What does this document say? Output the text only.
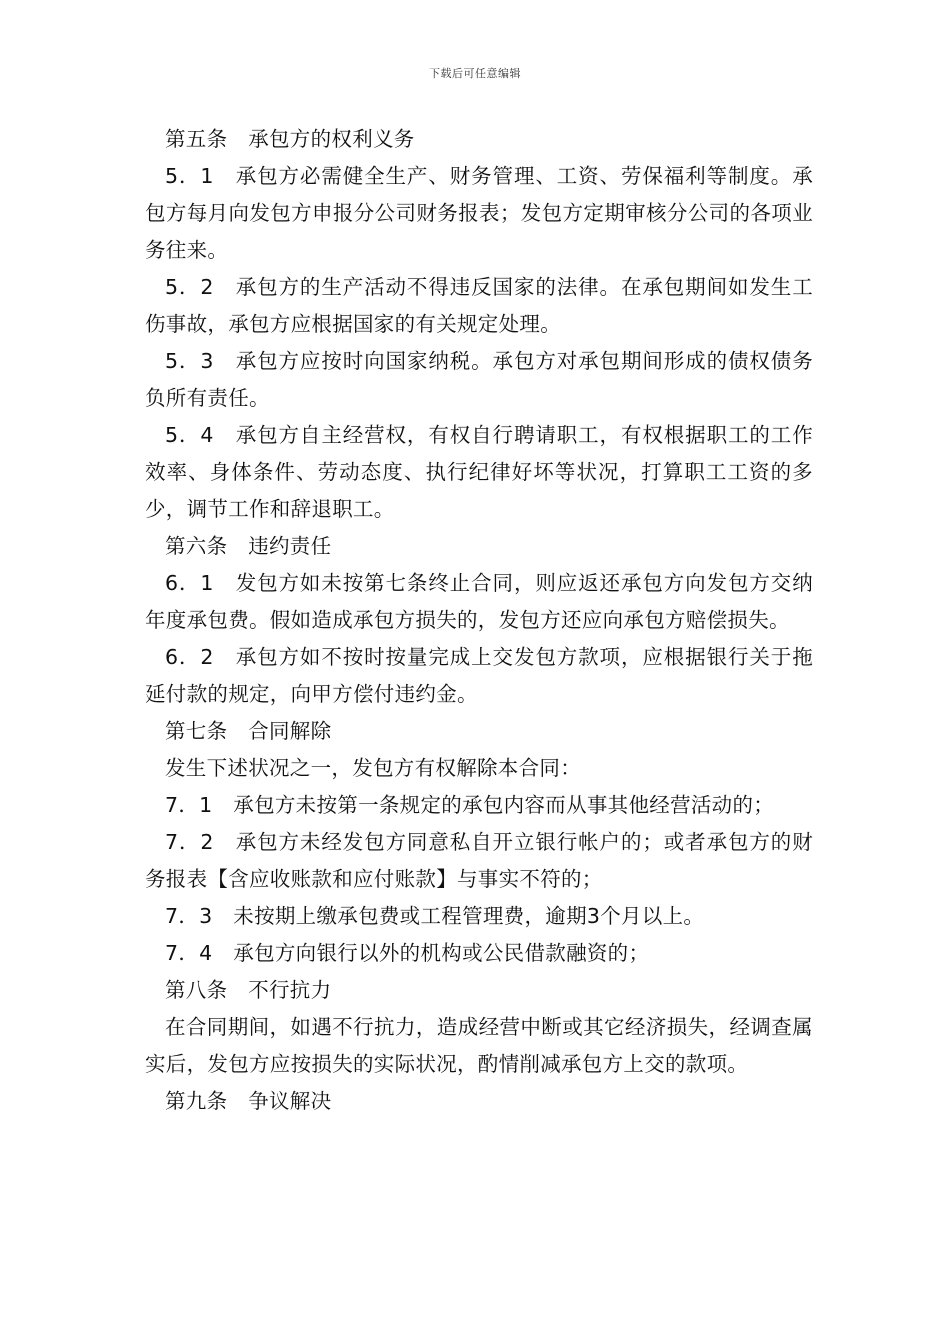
下载后可任意编辑

第五条　承包方的权利义务

5．1　承包方必需健全生产、财务管理、工资、劳保福利等制度。承包方每月向发包方申报分公司财务报表；发包方定期审核分公司的各项业务往来。

5．2　承包方的生产活动不得违反国家的法律。在承包期间如发生工伤事故，承包方应根据国家的有关规定处理。

5．3　承包方应按时向国家纳税。承包方对承包期间形成的债权债务负所有责任。

5．4　承包方自主经营权，有权自行聘请职工，有权根据职工的工作效率、身体条件、劳动态度、执行纪律好坏等状况，打算职工工资的多少，调节工作和辞退职工。

第六条　违约责任

6．1　发包方如未按第七条终止合同，则应返还承包方向发包方交纳年度承包费。假如造成承包方损失的，发包方还应向承包方赔偿损失。

6．2　承包方如不按时按量完成上交发包方款项，应根据银行关于拖延付款的规定，向甲方偿付违约金。

第七条　合同解除

发生下述状况之一，发包方有权解除本合同：

7．1　承包方未按第一条规定的承包内容而从事其他经营活动的；

7．2　承包方未经发包方同意私自开立银行帐户的；或者承包方的财务报表【含应收账款和应付账款】与事实不符的；

7．3　未按期上缴承包费或工程管理费，逾期3个月以上。

7．4　承包方向银行以外的机构或公民借款融资的；

第八条　不行抗力

在合同期间，如遇不行抗力，造成经营中断或其它经济损失，经调查属实后，发包方应按损失的实际状况，酌情削减承包方上交的款项。

第九条　争议解决
